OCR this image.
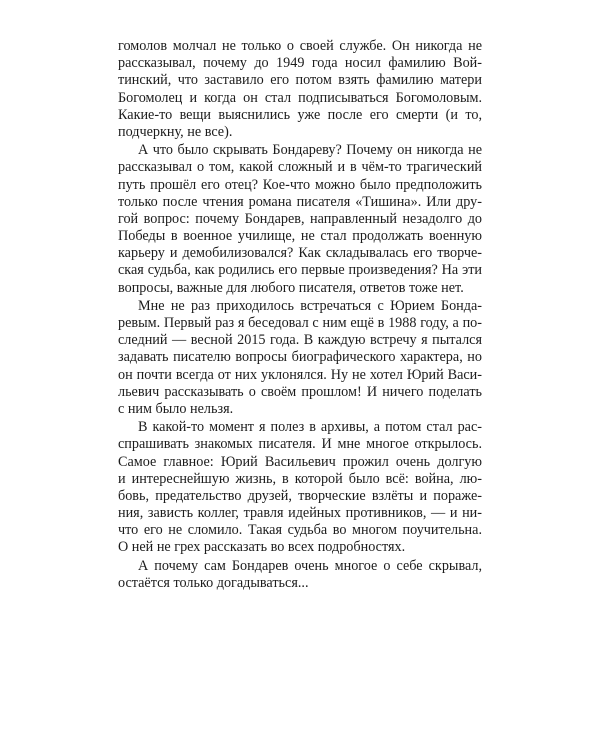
гомолов молчал не только о своей службе. Он никогда не
рассказывал, почему до 1949 года носил фамилию Вой-
тинский, что заставило его потом взять фамилию матери
Богомолец и когда он стал подписываться Богомоловым.
Какие-то вещи выяснились уже после его смерти (и то,
подчеркну, не все).
А что было скрывать Бондареву? Почему он никогда не
рассказывал о том, какой сложный и в чём-то трагический
путь прошёл его отец? Кое-что можно было предположить
только после чтения романа писателя «Тишина». Или дру-
гой вопрос: почему Бондарев, направленный незадолго до
Победы в военное училище, не стал продолжать военную
карьеру и демобилизовался? Как складывалась его творче-
ская судьба, как родились его первые произведения? На эти
вопросы, важные для любого писателя, ответов тоже нет.
Мне не раз приходилось встречаться с Юрием Бонда-
ревым. Первый раз я беседовал с ним ещё в 1988 году, а по-
следний — весной 2015 года. В каждую встречу я пытался
задавать писателю вопросы биографического характера, но
он почти всегда от них уклонялся. Ну не хотел Юрий Васи-
льевич рассказывать о своём прошлом! И ничего поделать
с ним было нельзя.
В какой-то момент я полез в архивы, а потом стал рас-
спрашивать знакомых писателя. И мне многое открылось.
Самое главное: Юрий Васильевич прожил очень долгую
и интереснейшую жизнь, в которой было всё: война, лю-
бовь, предательство друзей, творческие взлёты и пораже-
ния, зависть коллег, травля идейных противников, — и ни-
что его не сломило. Такая судьба во многом поучительна.
О ней не грех рассказать во всех подробностях.
А почему сам Бондарев очень многое о себе скрывал,
остаётся только догадываться...
